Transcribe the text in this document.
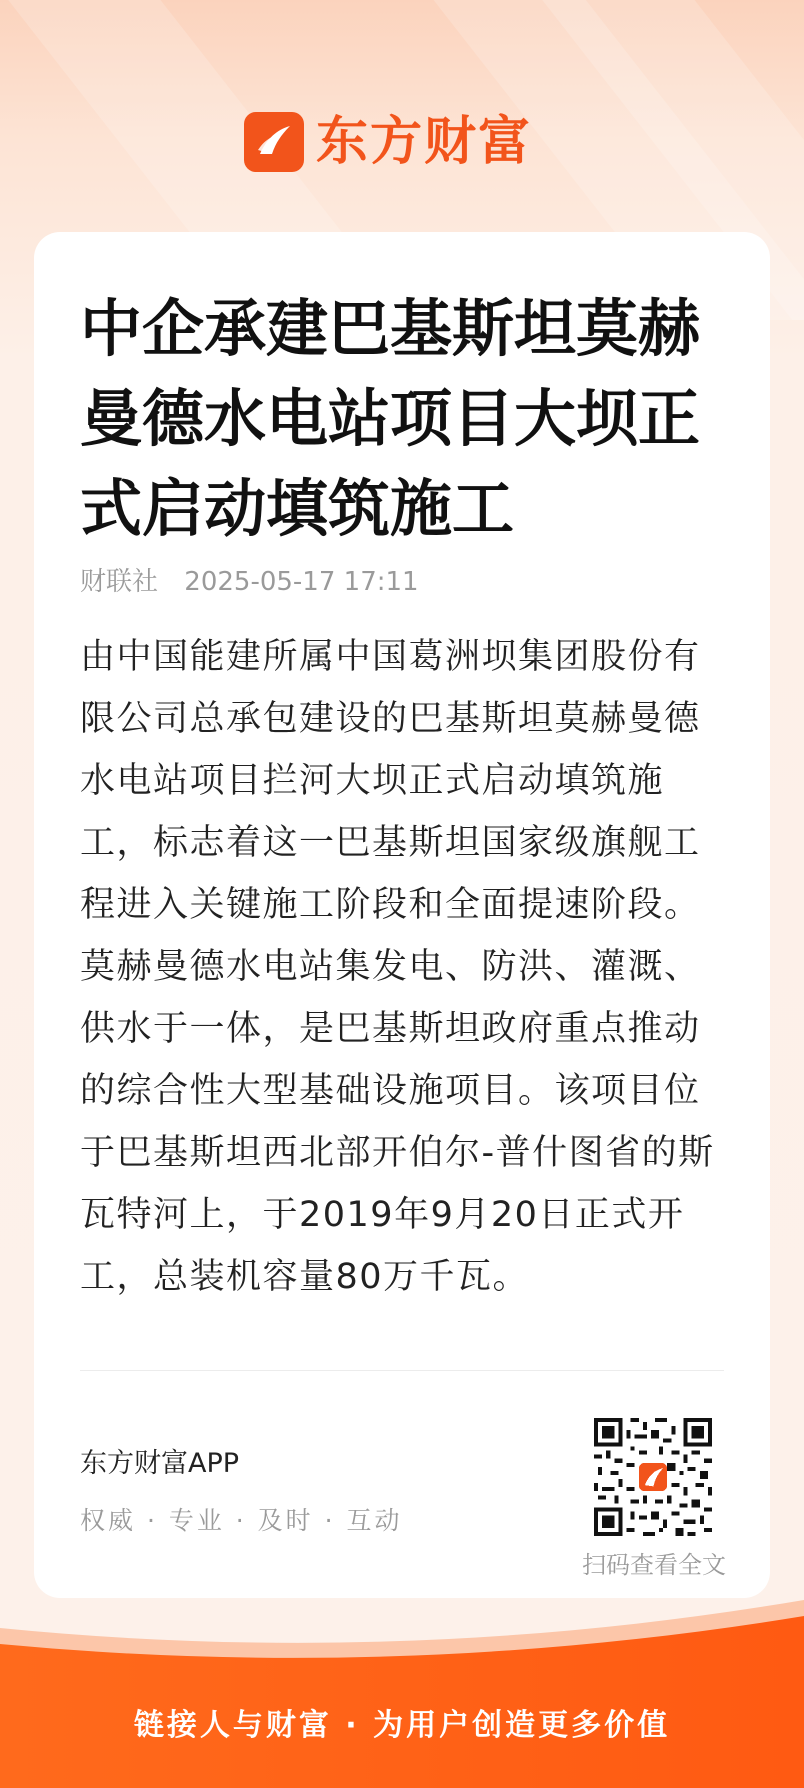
东方财富
中企承建巴基斯坦莫赫曼德水电站项目大坝正式启动填筑施工
财联社 2025-05-17 17:11

由中国能建所属中国葛洲坝集团股份有限公司总承包建设的巴基斯坦莫赫曼德水电站项目拦河大坝正式启动填筑施工，标志着这一巴基斯坦国家级旗舰工程进入关键施工阶段和全面提速阶段。莫赫曼德水电站集发电、防洪、灌溉、供水于一体，是巴基斯坦政府重点推动的综合性大型基础设施项目。该项目位于巴基斯坦西北部开伯尔-普什图省的斯瓦特河上，于2019年9月20日正式开工，总装机容量80万千瓦。

东方财富APP
权威 · 专业 · 及时 · 互动
扫码查看全文
链接人与财富 · 为用户创造更多价值
